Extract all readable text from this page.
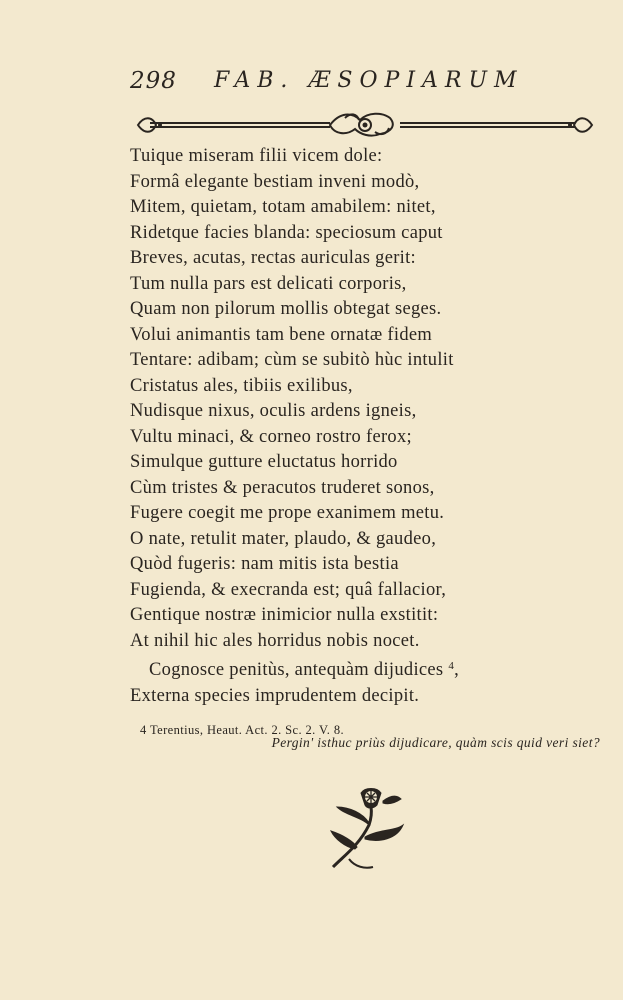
298 FAB. ÆSOPIARUM
Tuique miseram filii vicem dole:
Formâ elegante bestiam inveni modò,
Mitem, quietam, totam amabilem: nitet,
Ridetque facies blanda: speciosum caput
Breves, acutas, rectas auriculas gerit:
Tum nulla pars est delicati corporis,
Quam non pilorum mollis obtegat seges.
Volui animantis tam bene ornatæ fidem
Tentare: adibam; cùm se subitò hùc intulit
Cristatus ales, tibiis exilibus,
Nudisque nixus, oculis ardens igneis,
Vultu minaci, & corneo rostro ferox;
Simulque gutture eluctatus horrido
Cùm tristes & peracutos truderet sonos,
Fugere coegit me prope exanimem metu.
O nate, retulit mater, plaudo, & gaudeo,
Quòd fugeris: nam mitis ista bestia
Fugienda, & execranda est; quâ fallacior,
Gentique nostræ inimicior nulla exstitit:
At nihil hic ales horridus nobis nocet.
Cognosce penitùs, antequàm dijudices $^4$,
Externa species imprudentem decipit.
4 Terentius, Heaut. Act. 2. Sc. 2. V. 8.
Pergin' isthuc priùs dijudicare, quàm scis quid veri siet?
